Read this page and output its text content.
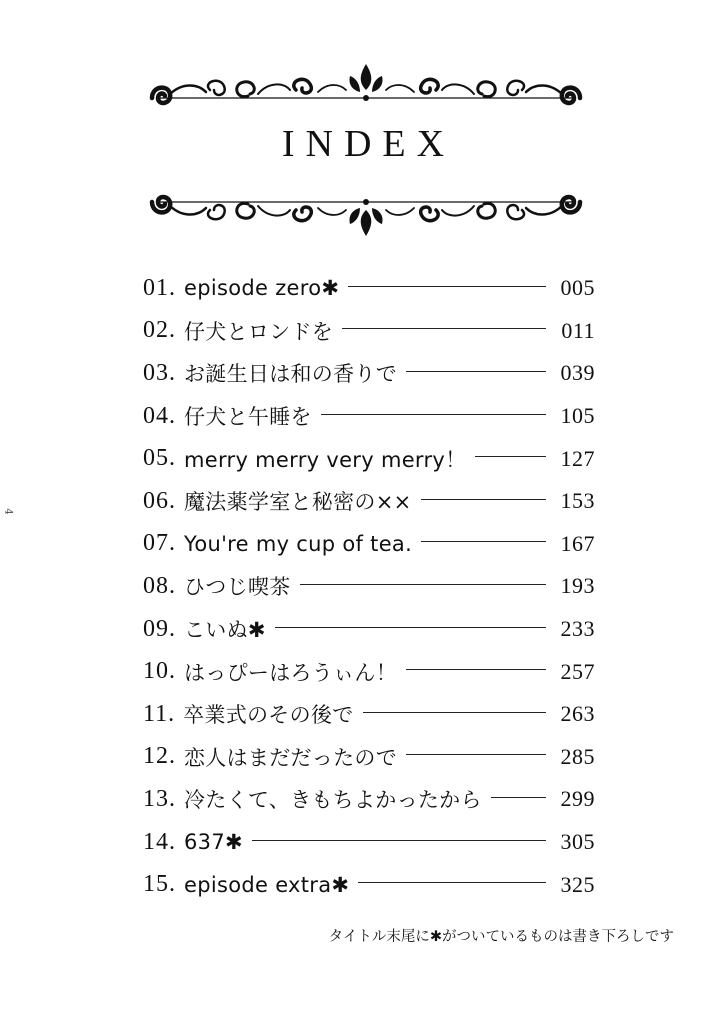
4
INDEX
01. episode zero✱	005
02. 仔犬とロンドを	011
03. お誕生日は和の香りで	039
04. 仔犬と午睡を	105
05. merry merry very merry！	127
06. 魔法薬学室と秘密の××	153
07. You're my cup of tea.	167
08. ひつじ喫茶	193
09. こいぬ✱	233
10. はっぴーはろうぃん！	257
11. 卒業式のその後で	263
12. 恋人はまだだったので	285
13. 冷たくて、きもちよかったから	299
14. 637✱	305
15. episode extra✱	325
タイトル末尾に✱がついているものは書き下ろしです
